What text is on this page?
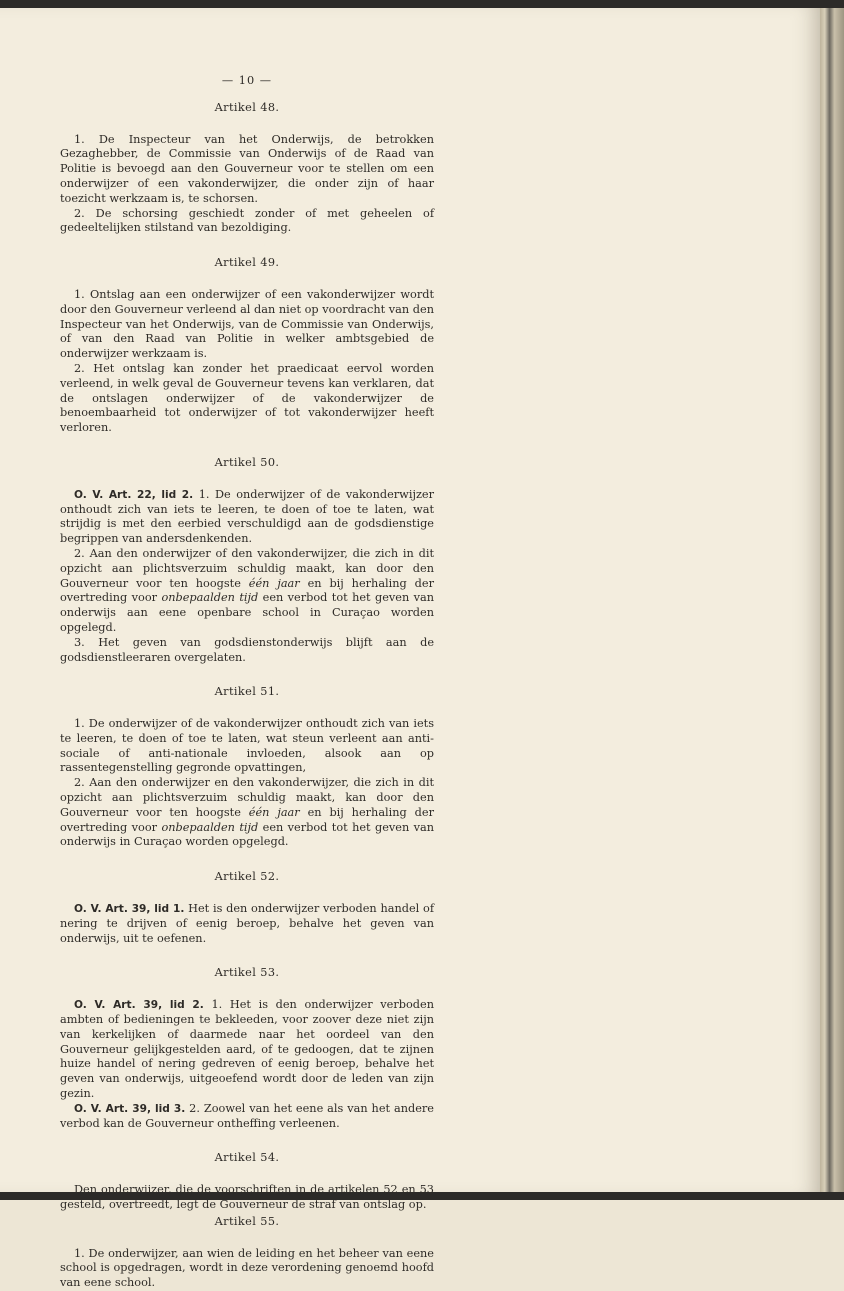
— 10 —
Artikel 48.

1. De Inspecteur van het Onderwijs, de betrokken Gezaghebber, de Commissie van Onderwijs of de Raad van Politie is bevoegd aan den Gouverneur voor te stellen om een onderwijzer of een vakonderwijzer, die onder zijn of haar toezicht werkzaam is, te schorsen.

2. De schorsing geschiedt zonder of met geheelen of gedeeltelijken stilstand van bezoldiging.

Artikel 49.

1. Ontslag aan een onderwijzer of een vakonderwijzer wordt door den Gouverneur verleend al dan niet op voordracht van den Inspecteur van het Onderwijs, van de Commissie van Onderwijs, of van den Raad van Politie in welker ambtsgebied de onderwijzer werkzaam is.

2. Het ontslag kan zonder het praedicaat eervol worden verleend, in welk geval de Gouverneur tevens kan verklaren, dat de ontslagen onderwijzer of de vakonderwijzer de benoembaarheid tot onderwijzer of tot vakonderwijzer heeft verloren.

Artikel 50.

O. V. Art. 22, lid 2. 1. De onderwijzer of de vakonderwijzer onthoudt zich van iets te leeren, te doen of toe te laten, wat strijdig is met den eerbied verschuldigd aan de godsdienstige begrippen van andersdenkenden.

2. Aan den onderwijzer of den vakonderwijzer, die zich in dit opzicht aan plichtsverzuim schuldig maakt, kan door den Gouverneur voor ten hoogste één jaar en bij herhaling der overtreding voor onbepaalden tijd een verbod tot het geven van onderwijs aan eene openbare school in Curaçao worden opgelegd.

3. Het geven van godsdienstonderwijs blijft aan de godsdienstleeraren overgelaten.

Artikel 51.

1. De onderwijzer of de vakonderwijzer onthoudt zich van iets te leeren, te doen of toe te laten, wat steun verleent aan anti-sociale of anti-nationale invloeden, alsook aan op rassentegenstelling gegronde opvattingen,

2. Aan den onderwijzer en den vakonderwijzer, die zich in dit opzicht aan plichtsverzuim schuldig maakt, kan door den Gouverneur voor ten hoogste één jaar en bij herhaling der overtreding voor onbepaalden tijd een verbod tot het geven van onderwijs in Curaçao worden opgelegd.

Artikel 52.

O. V. Art. 39, lid 1. Het is den onderwijzer verboden handel of nering te drijven of eenig beroep, behalve het geven van onderwijs, uit te oefenen.

Artikel 53.

O. V. Art. 39, lid 2. 1. Het is den onderwijzer verboden ambten of bedieningen te bekleeden, voor zoover deze niet zijn van kerkelijken of daarmede naar het oordeel van den Gouverneur gelijkgestelden aard, of te gedoogen, dat te zijnen huize handel of nering gedreven of eenig beroep, behalve het geven van onderwijs, uitgeoefend wordt door de leden van zijn gezin.

O. V. Art. 39, lid 3. 2. Zoowel van het eene als van het andere verbod kan de Gouverneur ontheffing verleenen.

Artikel 54.

Den onderwijzer, die de voorschriften in de artikelen 52 en 53 gesteld, overtreedt, legt de Gouverneur de straf van ontslag op.

Artikel 55.

1. De onderwijzer, aan wien de leiding en het beheer van eene school is opgedragen, wordt in deze verordening genoemd hoofd van eene school.
